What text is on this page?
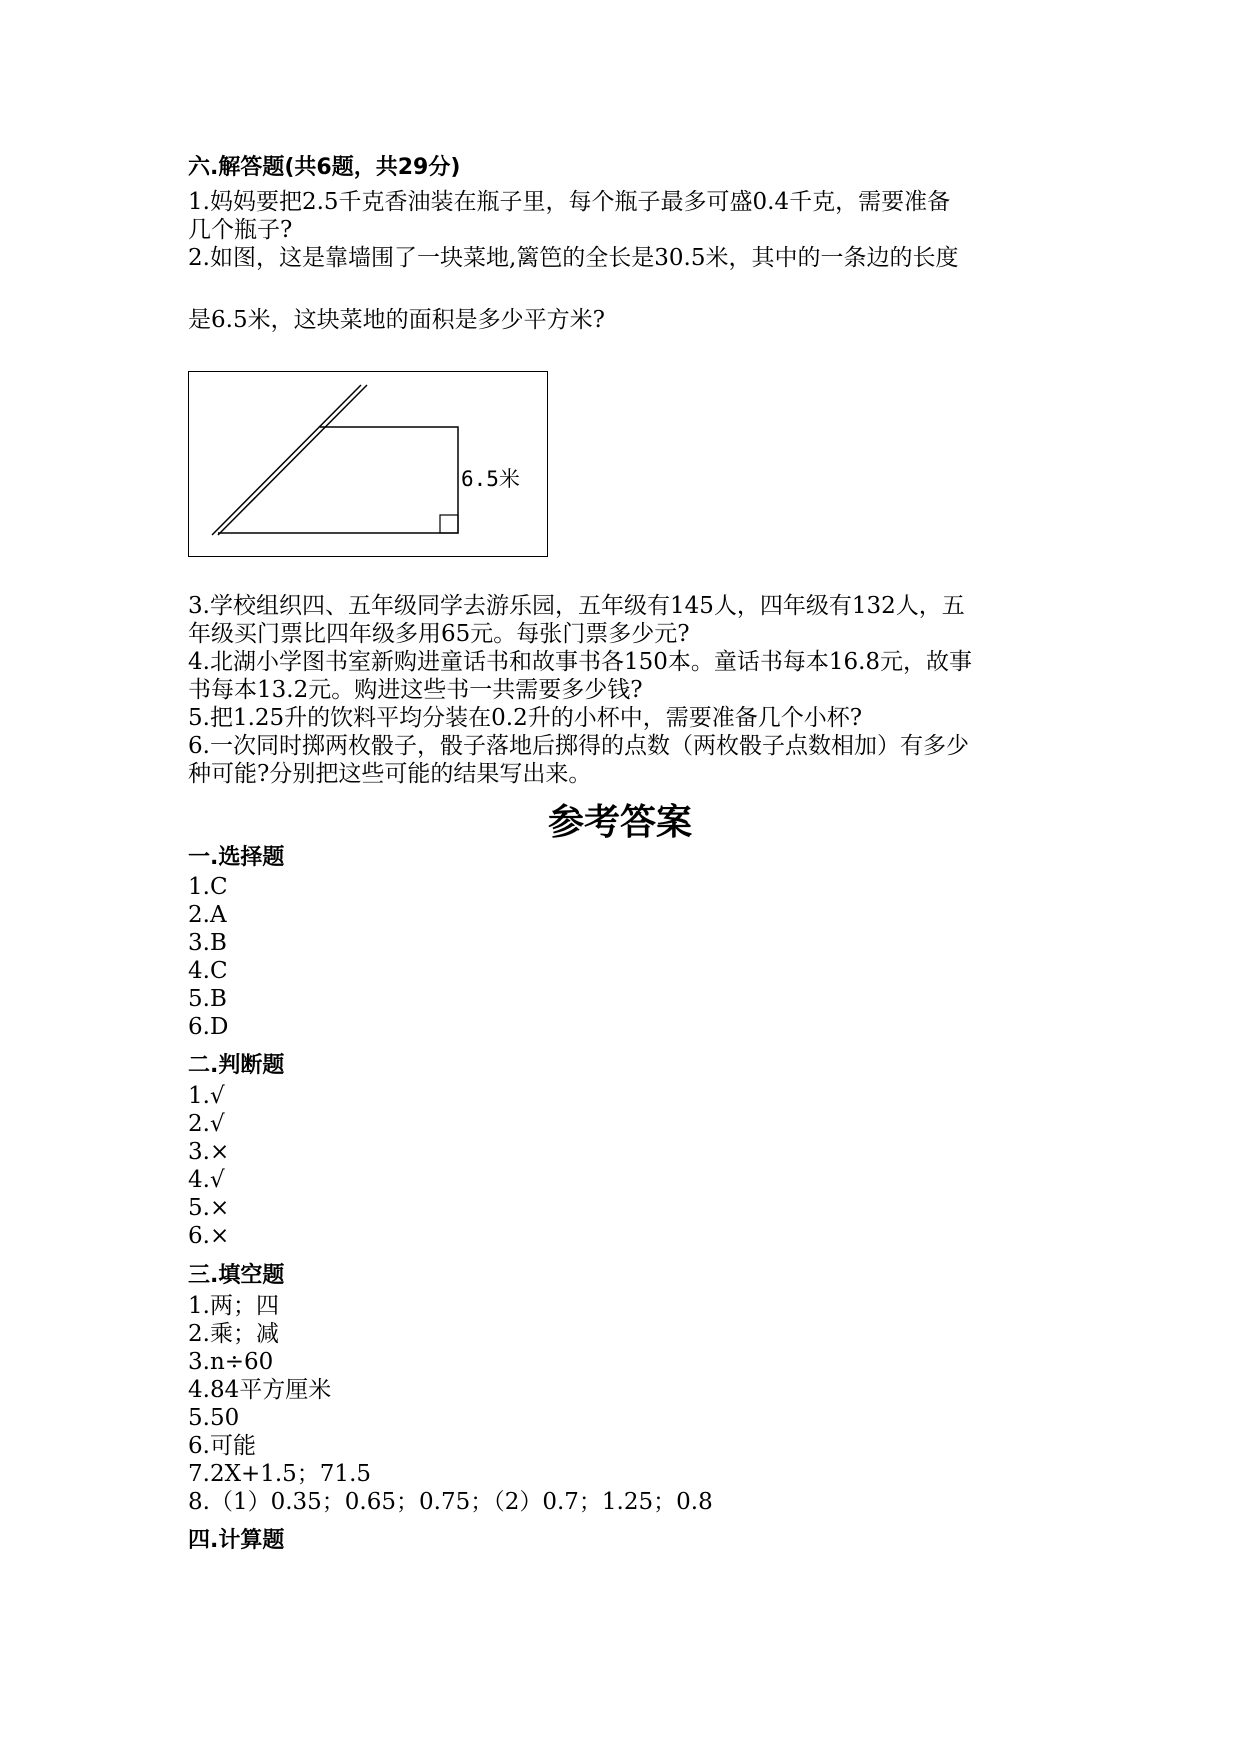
六.解答题(共6题，共29分)
1.妈妈要把2.5千克香油装在瓶子里，每个瓶子最多可盛0.4千克，需要准备
几个瓶子?
2.如图，这是靠墙围了一块菜地,篱笆的全长是30.5米，其中的一条边的长度
是6.5米，这块菜地的面积是多少平方米?
6.5米
3.学校组织四、五年级同学去游乐园，五年级有145人，四年级有132人，五
年级买门票比四年级多用65元。每张门票多少元?
4.北湖小学图书室新购进童话书和故事书各150本。童话书每本16.8元，故事
书每本13.2元。购进这些书一共需要多少钱?
5.把1.25升的饮料平均分装在0.2升的小杯中，需要准备几个小杯?
6.一次同时掷两枚骰子，骰子落地后掷得的点数（两枚骰子点数相加）有多少
种可能?分别把这些可能的结果写出来。
参考答案
一.选择题
1.C
2.A
3.B
4.C
5.B
6.D
二.判断题
1.√
2.√
3.×
4.√
5.×
6.×
三.填空题
1.两；四
2.乘；减
3.n÷60
4.84平方厘米
5.50
6.可能
7.2X+1.5；71.5
8.（1）0.35；0.65；0.75；（2）0.7；1.25；0.8
四.计算题
